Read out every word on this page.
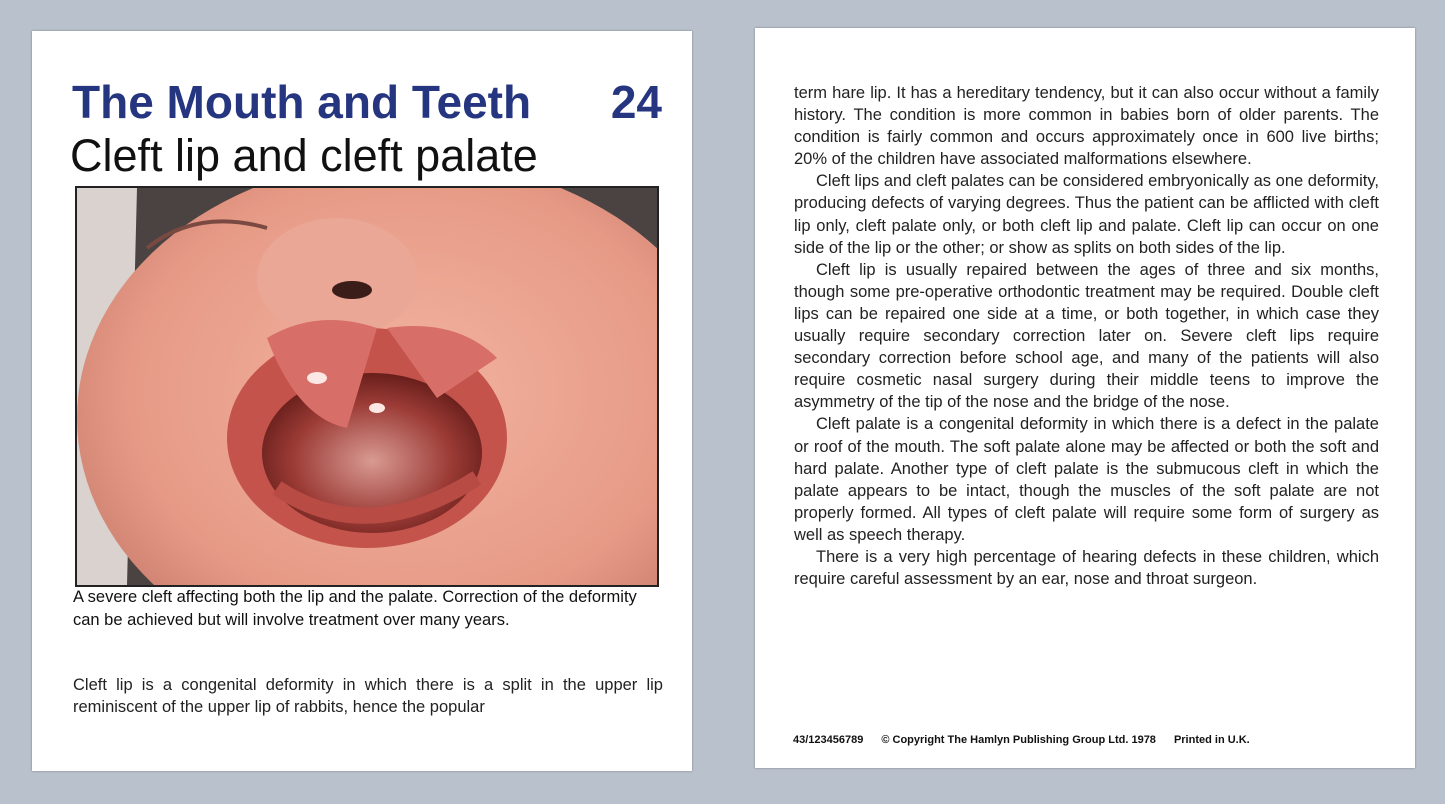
The Mouth and Teeth 24
Cleft lip and cleft palate
A severe cleft affecting both the lip and the palate. Correction of the deformity can be achieved but will involve treatment over many years.
Cleft lip is a congenital deformity in which there is a split in the upper lip reminiscent of the upper lip of rabbits, hence the popular

term hare lip. It has a hereditary tendency, but it can also occur without a family history. The condition is more common in babies born of older parents. The condition is fairly common and occurs approximately once in 600 live births; 20% of the children have associated malformations elsewhere.

Cleft lips and cleft palates can be considered embryonically as one deformity, producing defects of varying degrees. Thus the patient can be afflicted with cleft lip only, cleft palate only, or both cleft lip and palate. Cleft lip can occur on one side of the lip or the other; or show as splits on both sides of the lip.

Cleft lip is usually repaired between the ages of three and six months, though some pre-operative orthodontic treatment may be required. Double cleft lips can be repaired one side at a time, or both together, in which case they usually require secondary correction later on. Severe cleft lips require secondary correction before school age, and many of the patients will also require cosmetic nasal surgery during their middle teens to improve the asymmetry of the tip of the nose and the bridge of the nose.

Cleft palate is a congenital deformity in which there is a defect in the palate or roof of the mouth. The soft palate alone may be affected or both the soft and hard palate. Another type of cleft palate is the submucous cleft in which the palate appears to be intact, though the muscles of the soft palate are not properly formed. All types of cleft palate will require some form of surgery as well as speech therapy.

There is a very high percentage of hearing defects in these children, which require careful assessment by an ear, nose and throat surgeon.

43/123456789 © Copyright The Hamlyn Publishing Group Ltd. 1978 Printed in U.K.
